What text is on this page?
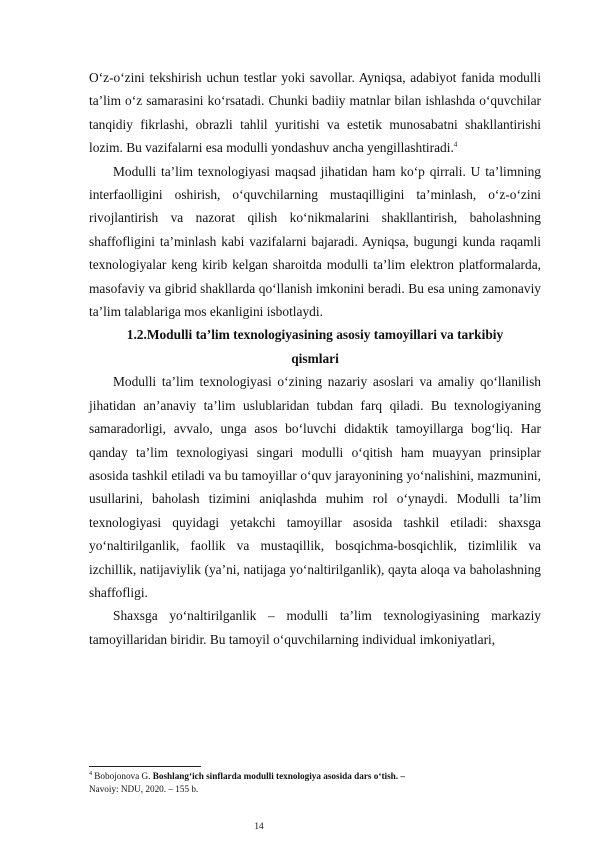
O‘z-o‘zini tekshirish uchun testlar yoki savollar. Ayniqsa, adabiyot fanida modulli ta’lim o‘z samarasini ko‘rsatadi. Chunki badiiy matnlar bilan ishlashda o‘quvchilar tanqidiy fikrlashi, obrazli tahlil yuritishi va estetik munosabatni shakllantirishi lozim. Bu vazifalarni esa modulli yondashuv ancha yengillashtiradi.$^4$

Modulli ta’lim texnologiyasi maqsad jihatidan ham ko‘p qirrali. U ta’limning interfaolligini oshirish, o‘quvchilarning mustaqilligini ta’minlash, o‘z-o‘zini rivojlantirish va nazorat qilish ko‘nikmalarini shakllantirish, baholashning shaffofligini ta’minlash kabi vazifalarni bajaradi. Ayniqsa, bugungi kunda raqamli texnologiyalar keng kirib kelgan sharoitda modulli ta’lim elektron platformalarda, masofaviy va gibrid shakllarda qo‘llanish imkonini beradi. Bu esa uning zamonaviy ta’lim talablariga mos ekanligini isbotlaydi.

1.2.Modulli ta’lim texnologiyasining asosiy tamoyillari va tarkibiy qismlari

Modulli ta’lim texnologiyasi o‘zining nazariy asoslari va amaliy qo‘llanilish jihatidan an’anaviy ta’lim uslublaridan tubdan farq qiladi. Bu texnologiyaning samaradorligi, avvalo, unga asos bo‘luvchi didaktik tamoyillarga bog‘liq. Har qanday ta’lim texnologiyasi singari modulli o‘qitish ham muayyan prinsiplar asosida tashkil etiladi va bu tamoyillar o‘quv jarayonining yo‘nalishini, mazmunini, usullarini, baholash tizimini aniqlashda muhim rol o‘ynaydi. Modulli ta’lim texnologiyasi quyidagi yetakchi tamoyillar asosida tashkil etiladi: shaxsga yo‘naltirilganlik, faollik va mustaqillik, bosqichma-bosqichlik, tizimlilik va izchillik, natijaviylik (ya’ni, natijaga yo‘naltirilganlik), qayta aloqa va baholashning shaffofligi.

Shaxsga yo‘naltirilganlik – modulli ta’lim texnologiyasining markaziy tamoyillaridan biridir. Bu tamoyil o‘quvchilarning individual imkoniyatlari,

$^4$ Bobojonova G. Boshlang‘ich sinflarda modulli texnologiya asosida dars o‘tish. –
Navoiy: NDU, 2020. – 155 b.

14
